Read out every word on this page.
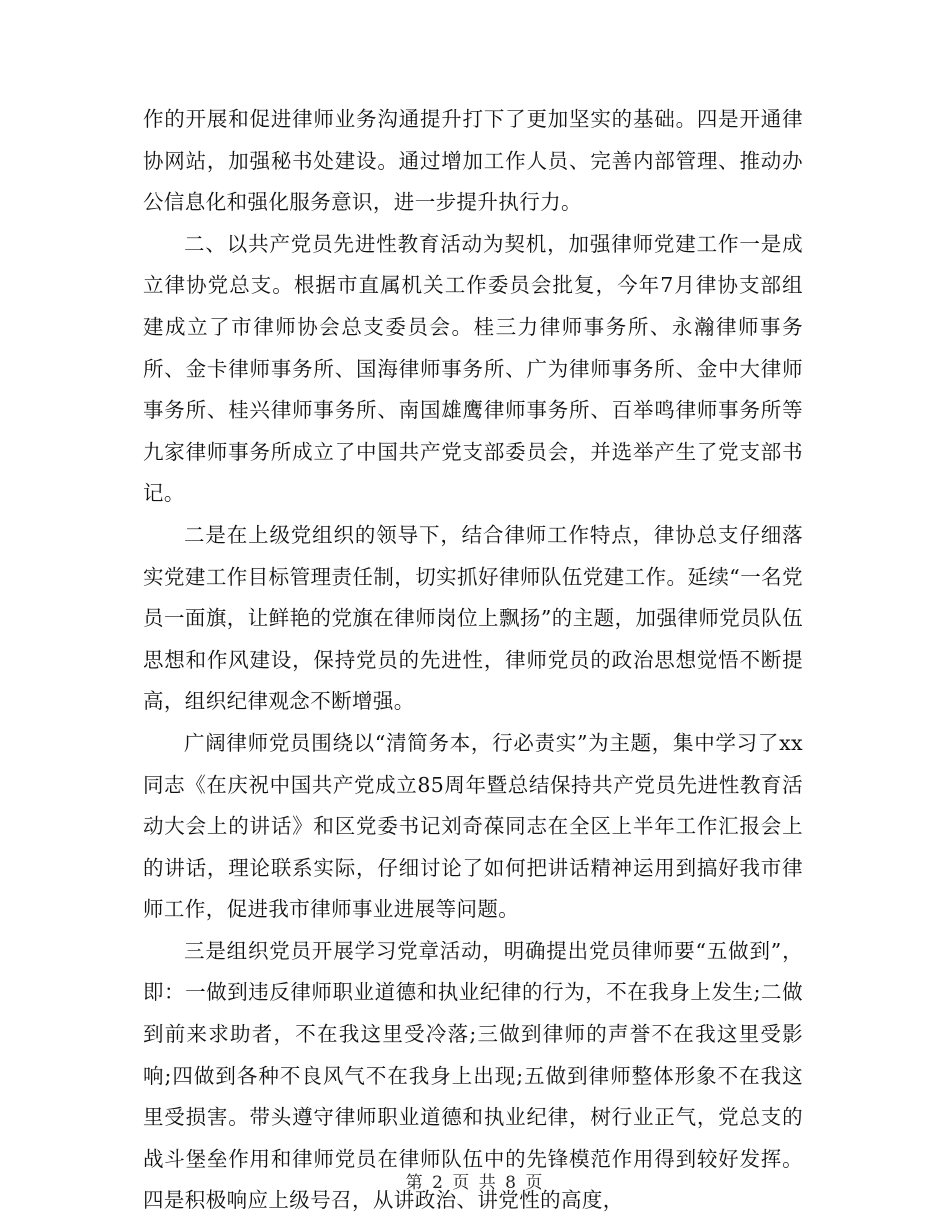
作的开展和促进律师业务沟通提升打下了更加坚实的基础。四是开通律协网站，加强秘书处建设。通过增加工作人员、完善内部管理、推动办公信息化和强化服务意识，进一步提升执行力。

二、以共产党员先进性教育活动为契机，加强律师党建工作一是成立律协党总支。根据市直属机关工作委员会批复，今年7月律协支部组建成立了市律师协会总支委员会。桂三力律师事务所、永瀚律师事务所、金卡律师事务所、国海律师事务所、广为律师事务所、金中大律师事务所、桂兴律师事务所、南国雄鹰律师事务所、百举鸣律师事务所等九家律师事务所成立了中国共产党支部委员会，并选举产生了党支部书记。

二是在上级党组织的领导下，结合律师工作特点，律协总支仔细落实党建工作目标管理责任制，切实抓好律师队伍党建工作。延续“一名党员一面旗，让鲜艳的党旗在律师岗位上飘扬”的主题，加强律师党员队伍思想和作风建设，保持党员的先进性，律师党员的政治思想觉悟不断提高，组织纪律观念不断增强。

广阔律师党员围绕以“清简务本，行必责实”为主题，集中学习了xx同志《在庆祝中国共产党成立85周年暨总结保持共产党员先进性教育活动大会上的讲话》和区党委书记刘奇葆同志在全区上半年工作汇报会上的讲话，理论联系实际，仔细讨论了如何把讲话精神运用到搞好我市律师工作，促进我市律师事业进展等问题。

三是组织党员开展学习党章活动，明确提出党员律师要“五做到”，即：一做到违反律师职业道德和执业纪律的行为，不在我身上发生;二做到前来求助者，不在我这里受冷落;三做到律师的声誉不在我这里受影响;四做到各种不良风气不在我身上出现;五做到律师整体形象不在我这里受损害。带头遵守律师职业道德和执业纪律，树行业正气，党总支的战斗堡垒作用和律师党员在律师队伍中的先锋模范作用得到较好发挥。四是积极响应上级号召，从讲政治、讲党性的高度，

第 2 页 共 8 页
